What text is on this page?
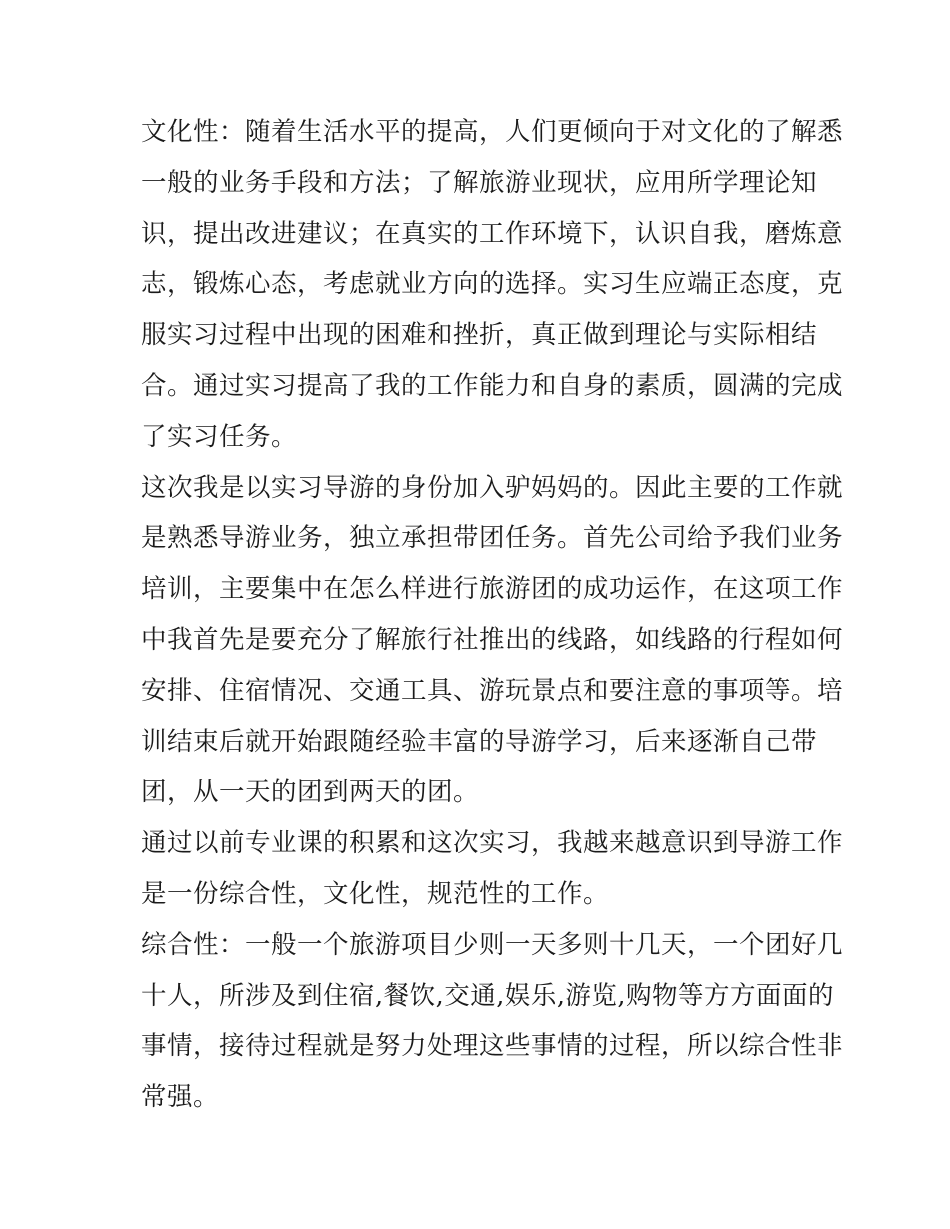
文化性：随着生活水平的提高，人们更倾向于对文化的了解悉
一般的业务手段和方法；了解旅游业现状，应用所学理论知
识，提出改进建议；在真实的工作环境下，认识自我，磨炼意
志，锻炼心态，考虑就业方向的选择。实习生应端正态度，克
服实习过程中出现的困难和挫折，真正做到理论与实际相结
合。通过实习提高了我的工作能力和自身的素质，圆满的完成
了实习任务。
这次我是以实习导游的身份加入驴妈妈的。因此主要的工作就
是熟悉导游业务，独立承担带团任务。首先公司给予我们业务
培训，主要集中在怎么样进行旅游团的成功运作，在这项工作
中我首先是要充分了解旅行社推出的线路，如线路的行程如何
安排、住宿情况、交通工具、游玩景点和要注意的事项等。培
训结束后就开始跟随经验丰富的导游学习，后来逐渐自己带
团，从一天的团到两天的团。
通过以前专业课的积累和这次实习，我越来越意识到导游工作
是一份综合性，文化性，规范性的工作。
综合性：一般一个旅游项目少则一天多则十几天，一个团好几
十人，所涉及到住宿,餐饮,交通,娱乐,游览,购物等方方面面的
事情，接待过程就是努力处理这些事情的过程，所以综合性非
常强。
